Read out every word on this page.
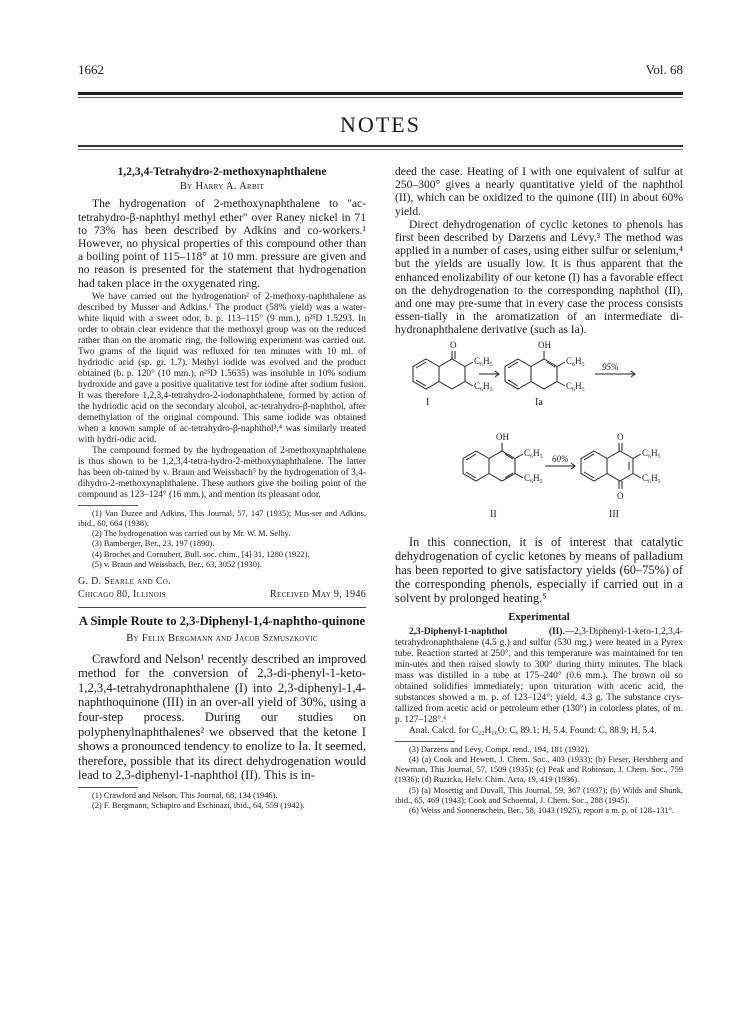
1662	Vol. 68
NOTES

1,2,3,4-Tetrahydro-2-methoxynaphthalene

By Harry A. Arbit

The hydrogenation of 2-methoxynaphthalene to "ac-tetrahydro-β-naphthyl methyl ether" over Raney nickel in 71 to 73% has been described by Adkins and co-workers.¹ However, no physical properties of this compound other than a boiling point of 115–118° at 10 mm. pressure are given and no reason is presented for the statement that hydrogenation had taken place in the oxygenated ring.

We have carried out the hydrogenation² of 2-methoxy-naphthalene as described by Musser and Adkins.¹ The product (58% yield) was a water-white liquid with a sweet odor, b. p. 113–115° (9 mm.), n²⁵D 1.5293. In order to obtain clear evidence that the methoxyl group was on the reduced rather than on the aromatic ring, the following experiment was carried out. Two grams of the liquid was refluxed for ten minutes with 10 ml. of hydriodic acid (sp. gr. 1.7). Methyl iodide was evolved and the product obtained (b. p. 120° (10 mm.), n²⁵D 1.5635) was insoluble in 10% sodium hydroxide and gave a positive qualitative test for iodine after sodium fusion. It was therefore 1,2,3,4-tetrahydro-2-iodonaphthalene, formed by action of the hydriodic acid on the secondary alcohol, ac-tetrahydro-β-naphthol, after demethylation of the original compound. This same iodide was obtained when a known sample of ac-tetrahydro-β-naphthol³,⁴ was similarly treated with hydri-odic acid.

The compound formed by the hydrogenation of 2-methoxynaphthalene is thus shown to be 1,2,3,4-tetra-hydro-2-methoxynaphthalene. The latter has been ob-tained by v. Braun and Weissbach⁵ by the hydrogenation of 3,4-dihydro-2-methoxynaphthalene. These authors give the boiling point of the compound as 123–124° (16 mm.), and mention its pleasant odor.

(1) Van Duzee and Adkins, This Journal, 57, 147 (1935); Mus-ser and Adkins, ibid., 60, 664 (1938).

(2) The hydrogenation was carried out by Mr. W. M. Selby.

(3) Bamberger, Ber., 23, 197 (1890).

(4) Brochet and Cornubert, Bull. soc. chim., [4] 31, 1280 (1922).

(5) v. Braun and Weissbach, Ber., 63, 3052 (1930).

G. D. Searle and Co.

Chicago 80, Illinois	Received May 9, 1946

A Simple Route to 2,3-Diphenyl-1,4-naphtho-quinone

By Felix Bergmann and Jacob Szmuszkovic

Crawford and Nelson¹ recently described an improved method for the conversion of 2,3-di-phenyl-1-keto-1,2,3,4-tetrahydronaphthalene (I) into 2,3-diphenyl-1,4-naphthoquinone (III) in an over-all yield of 30%, using a four-step process. During our studies on polyphenylnaphthalenes² we observed that the ketone I shows a pronounced tendency to enolize to Ia. It seemed, therefore, possible that its direct dehydrogenation would lead to 2,3-diphenyl-1-naphthol (II). This is in-

(1) Crawford and Nelson, This Journal, 68, 134 (1946).

(2) F. Bergmann, Schapiro and Eschinazi, ibid., 64, 559 (1942).

deed the case. Heating of I with one equivalent of sulfur at 250–300° gives a nearly quantitative yield of the naphthol (II), which can be oxidized to the quinone (III) in about 60% yield.

Direct dehydrogenation of cyclic ketones to phenols has first been described by Darzens and Lévy.³ The method was applied in a number of cases, using either sulfur or selenium,⁴ but the yields are usually low. It is thus apparent that the enhanced enolizability of our ketone (I) has a favorable effect on the dehydrogenation to the corresponding naphthol (II), and one may pre-sume that in every case the process consists essen-tially in the aromatization of an intermediate di-hydronaphthalene derivative (such as Ia).

O
C₆H₅
C₆H₅
OH
C₆H₅
C₆H₅
95%
I	Ia
OH
C₆H₅
C₆H₅
60%
O
C₆H₅
C₆H₅
O
II	III

In this connection, it is of interest that catalytic dehydrogenation of cyclic ketones by means of palladium has been reported to give satisfactory yields (60–75%) of the corresponding phenols, especially if carried out in a solvent by prolonged heating.⁵

Experimental

2,3-Diphenyl-1-naphthol (II).—2,3-Diphenyl-1-keto-1,2,3,4-tetrahydronaphthalene (4.5 g.) and sulfur (530 mg.) were heated in a Pyrex tube. Reaction started at 250°, and this temperature was maintained for ten min-utes and then raised slowly to 300° during thirty minutes. The black mass was distilled in a tube at 175–240° (0.6 mm.). The brown oil so obtained solidifies immediately; upon trituration with acetic acid, the substances showed a m. p. of 123–124°; yield, 4.3 g. The substance crys-tallized from acetic acid or petroleum ether (130°) in colorless plates, of m. p. 127–128°.⁶

Anal. Calcd. for C₂₂H₁₆O: C, 89.1; H, 5.4. Found: C, 88.9; H, 5.4.

(3) Darzens and Lévy, Compt. rend., 194, 181 (1932).

(4) (a) Cook and Hewett, J. Chem. Soc., 403 (1933); (b) Fieser, Hershberg and Newman, This Journal, 57, 1509 (1935); (c) Peak and Robinson, J. Chem. Soc., 759 (1936); (d) Ruzicka, Helv. Chim. Acta, 19, 419 (1936).

(5) (a) Mosettig and Duvall, This Journal, 59, 367 (1937); (b) Wilds and Shunk, ibid., 65, 469 (1943); Cook and Schoental, J. Chem. Soc., 288 (1945).

(6) Weiss and Sonnenschein, Ber., 58, 1043 (1925), report a m. p. of 128–131°.
